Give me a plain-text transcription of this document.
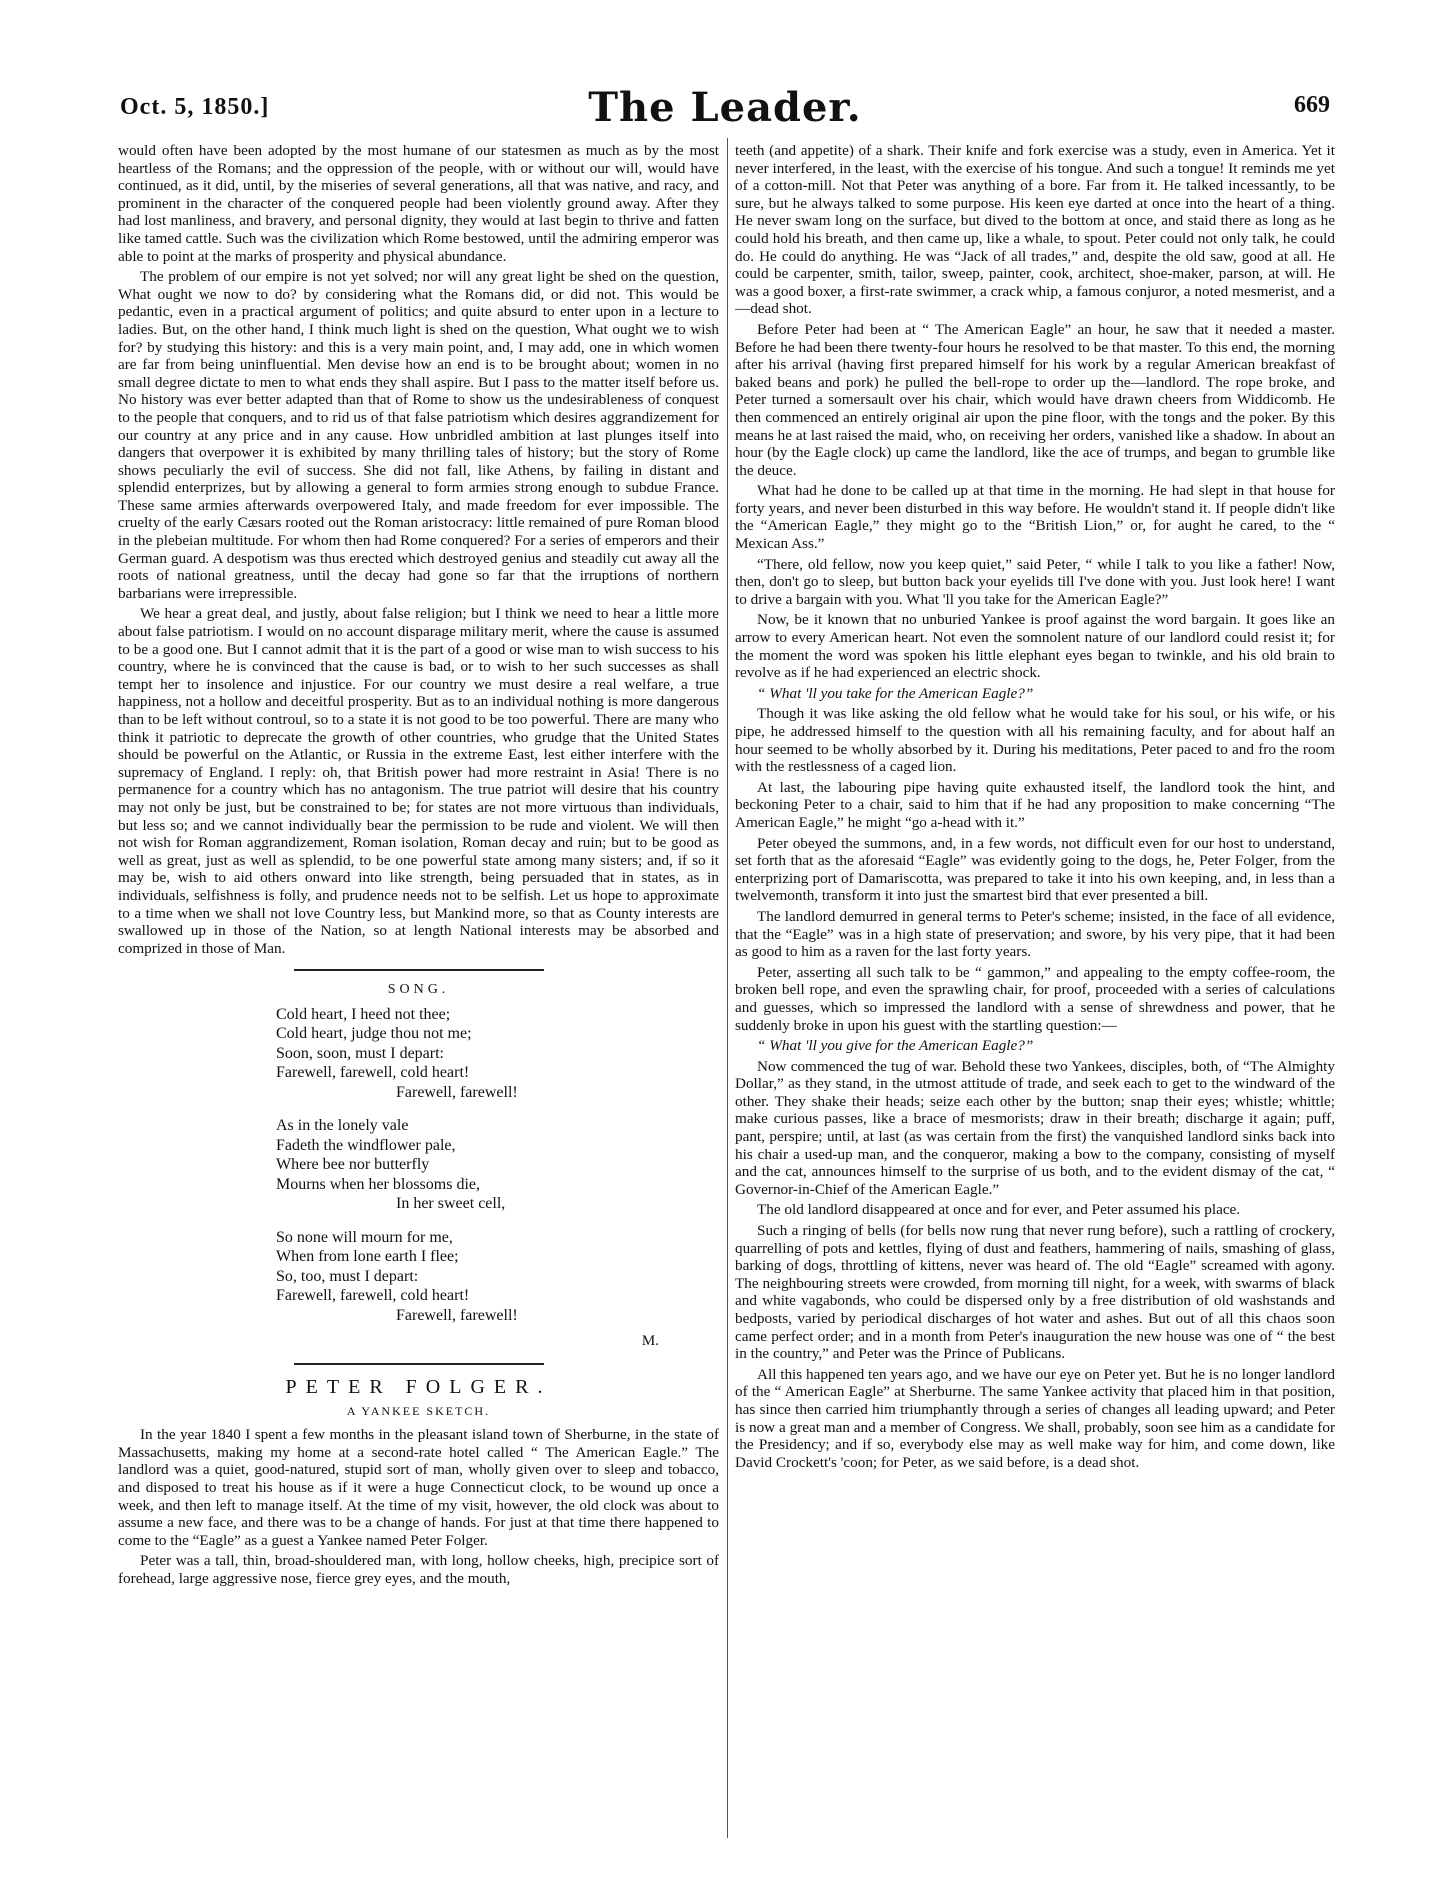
Oct. 5, 1850.]	The Leader.	669

would often have been adopted by the most humane of our statesmen as much as by the most heartless of the Romans; and the oppression of the people, with or without our will, would have continued, as it did, until, by the miseries of several generations, all that was native, and racy, and prominent in the character of the conquered people had been violently ground away. After they had lost manliness, and bravery, and personal dignity, they would at last begin to thrive and fatten like tamed cattle. Such was the civilization which Rome bestowed, until the admiring emperor was able to point at the marks of prosperity and physical abundance.

The problem of our empire is not yet solved; nor will any great light be shed on the question, What ought we now to do? by considering what the Romans did, or did not. This would be pedantic, even in a practical argument of politics; and quite absurd to enter upon in a lecture to ladies. But, on the other hand, I think much light is shed on the question, What ought we to wish for? by studying this history: and this is a very main point, and, I may add, one in which women are far from being uninfluential. Men devise how an end is to be brought about; women in no small degree dictate to men to what ends they shall aspire. But I pass to the matter itself before us. No history was ever better adapted than that of Rome to show us the undesirableness of conquest to the people that conquers, and to rid us of that false patriotism which desires aggrandizement for our country at any price and in any cause. How unbridled ambition at last plunges itself into dangers that overpower it is exhibited by many thrilling tales of history; but the story of Rome shows peculiarly the evil of success. She did not fall, like Athens, by failing in distant and splendid enterprizes, but by allowing a general to form armies strong enough to subdue France. These same armies afterwards overpowered Italy, and made freedom for ever impossible. The cruelty of the early Cæsars rooted out the Roman aristocracy: little remained of pure Roman blood in the plebeian multitude. For whom then had Rome conquered? For a series of emperors and their German guard. A despotism was thus erected which destroyed genius and steadily cut away all the roots of national greatness, until the decay had gone so far that the irruptions of northern barbarians were irrepressible.

We hear a great deal, and justly, about false religion; but I think we need to hear a little more about false patriotism. I would on no account disparage military merit, where the cause is assumed to be a good one. But I cannot admit that it is the part of a good or wise man to wish success to his country, where he is convinced that the cause is bad, or to wish to her such successes as shall tempt her to insolence and injustice. For our country we must desire a real welfare, a true happiness, not a hollow and deceitful prosperity. But as to an individual nothing is more dangerous than to be left without controul, so to a state it is not good to be too powerful. There are many who think it patriotic to deprecate the growth of other countries, who grudge that the United States should be powerful on the Atlantic, or Russia in the extreme East, lest either interfere with the supremacy of England. I reply: oh, that British power had more restraint in Asia! There is no permanence for a country which has no antagonism. The true patriot will desire that his country may not only be just, but be constrained to be; for states are not more virtuous than individuals, but less so; and we cannot individually bear the permission to be rude and violent. We will then not wish for Roman aggrandizement, Roman isolation, Roman decay and ruin; but to be good as well as great, just as well as splendid, to be one powerful state among many sisters; and, if so it may be, wish to aid others onward into like strength, being persuaded that in states, as in individuals, selfishness is folly, and prudence needs not to be selfish. Let us hope to approximate to a time when we shall not love Country less, but Mankind more, so that as County interests are swallowed up in those of the Nation, so at length National interests may be absorbed and comprized in those of Man.

SONG.
Cold heart, I heed not thee;
Cold heart, judge thou not me;
Soon, soon, must I depart:
Farewell, farewell, cold heart!
Farewell, farewell!
As in the lonely vale
Fadeth the windflower pale,
Where bee nor butterfly
Mourns when her blossoms die,
In her sweet cell,
So none will mourn for me,
When from lone earth I flee;
So, too, must I depart:
Farewell, farewell, cold heart!
Farewell, farewell!
M.
PETER FOLGER.
A YANKEE SKETCH.

In the year 1840 I spent a few months in the pleasant island town of Sherburne, in the state of Massachusetts, making my home at a second-rate hotel called “ The American Eagle.” The landlord was a quiet, good-natured, stupid sort of man, wholly given over to sleep and tobacco, and disposed to treat his house as if it were a huge Connecticut clock, to be wound up once a week, and then left to manage itself. At the time of my visit, however, the old clock was about to assume a new face, and there was to be a change of hands. For just at that time there happened to come to the “Eagle” as a guest a Yankee named Peter Folger.

Peter was a tall, thin, broad-shouldered man, with long, hollow cheeks, high, precipice sort of forehead, large aggressive nose, fierce grey eyes, and the mouth,

teeth (and appetite) of a shark. Their knife and fork exercise was a study, even in America. Yet it never interfered, in the least, with the exercise of his tongue. And such a tongue! It reminds me yet of a cotton-mill. Not that Peter was anything of a bore. Far from it. He talked incessantly, to be sure, but he always talked to some purpose. His keen eye darted at once into the heart of a thing. He never swam long on the surface, but dived to the bottom at once, and staid there as long as he could hold his breath, and then came up, like a whale, to spout. Peter could not only talk, he could do. He could do anything. He was “Jack of all trades,” and, despite the old saw, good at all. He could be carpenter, smith, tailor, sweep, painter, cook, architect, shoe-maker, parson, at will. He was a good boxer, a first-rate swimmer, a crack whip, a famous conjuror, a noted mesmerist, and a—dead shot.

Before Peter had been at “ The American Eagle” an hour, he saw that it needed a master. Before he had been there twenty-four hours he resolved to be that master. To this end, the morning after his arrival (having first prepared himself for his work by a regular American breakfast of baked beans and pork) he pulled the bell-rope to order up the—landlord. The rope broke, and Peter turned a somersault over his chair, which would have drawn cheers from Widdicomb. He then commenced an entirely original air upon the pine floor, with the tongs and the poker. By this means he at last raised the maid, who, on receiving her orders, vanished like a shadow. In about an hour (by the Eagle clock) up came the landlord, like the ace of trumps, and began to grumble like the deuce.

What had he done to be called up at that time in the morning. He had slept in that house for forty years, and never been disturbed in this way before. He wouldn't stand it. If people didn't like the “American Eagle,” they might go to the “British Lion,” or, for aught he cared, to the “ Mexican Ass.”

“There, old fellow, now you keep quiet,” said Peter, “ while I talk to you like a father! Now, then, don't go to sleep, but button back your eyelids till I've done with you. Just look here! I want to drive a bargain with you. What 'll you take for the American Eagle?”

Now, be it known that no unburied Yankee is proof against the word bargain. It goes like an arrow to every American heart. Not even the somnolent nature of our landlord could resist it; for the moment the word was spoken his little elephant eyes began to twinkle, and his old brain to revolve as if he had experienced an electric shock.

“ What 'll you take for the American Eagle?”

Though it was like asking the old fellow what he would take for his soul, or his wife, or his pipe, he addressed himself to the question with all his remaining faculty, and for about half an hour seemed to be wholly absorbed by it. During his meditations, Peter paced to and fro the room with the restlessness of a caged lion.

At last, the labouring pipe having quite exhausted itself, the landlord took the hint, and beckoning Peter to a chair, said to him that if he had any proposition to make concerning “The American Eagle,” he might “go a-head with it.”

Peter obeyed the summons, and, in a few words, not difficult even for our host to understand, set forth that as the aforesaid “Eagle” was evidently going to the dogs, he, Peter Folger, from the enterprizing port of Damariscotta, was prepared to take it into his own keeping, and, in less than a twelvemonth, transform it into just the smartest bird that ever presented a bill.

The landlord demurred in general terms to Peter's scheme; insisted, in the face of all evidence, that the “Eagle” was in a high state of preservation; and swore, by his very pipe, that it had been as good to him as a raven for the last forty years.

Peter, asserting all such talk to be “ gammon,” and appealing to the empty coffee-room, the broken bell rope, and even the sprawling chair, for proof, proceeded with a series of calculations and guesses, which so impressed the landlord with a sense of shrewdness and power, that he suddenly broke in upon his guest with the startling question:—

“ What 'll you give for the American Eagle?”

Now commenced the tug of war. Behold these two Yankees, disciples, both, of “The Almighty Dollar,” as they stand, in the utmost attitude of trade, and seek each to get to the windward of the other. They shake their heads; seize each other by the button; snap their eyes; whistle; whittle; make curious passes, like a brace of mesmorists; draw in their breath; discharge it again; puff, pant, perspire; until, at last (as was certain from the first) the vanquished landlord sinks back into his chair a used-up man, and the conqueror, making a bow to the company, consisting of myself and the cat, announces himself to the surprise of us both, and to the evident dismay of the cat, “ Governor-in-Chief of the American Eagle.”

The old landlord disappeared at once and for ever, and Peter assumed his place.

Such a ringing of bells (for bells now rung that never rung before), such a rattling of crockery, quarrelling of pots and kettles, flying of dust and feathers, hammering of nails, smashing of glass, barking of dogs, throttling of kittens, never was heard of. The old “Eagle” screamed with agony. The neighbouring streets were crowded, from morning till night, for a week, with swarms of black and white vagabonds, who could be dispersed only by a free distribution of old washstands and bedposts, varied by periodical discharges of hot water and ashes. But out of all this chaos soon came perfect order; and in a month from Peter's inauguration the new house was one of “ the best in the country,” and Peter was the Prince of Publicans.

All this happened ten years ago, and we have our eye on Peter yet. But he is no longer landlord of the “ American Eagle” at Sherburne. The same Yankee activity that placed him in that position, has since then carried him triumphantly through a series of changes all leading upward; and Peter is now a great man and a member of Congress. We shall, probably, soon see him as a candidate for the Presidency; and if so, everybody else may as well make way for him, and come down, like David Crockett's 'coon; for Peter, as we said before, is a dead shot.
